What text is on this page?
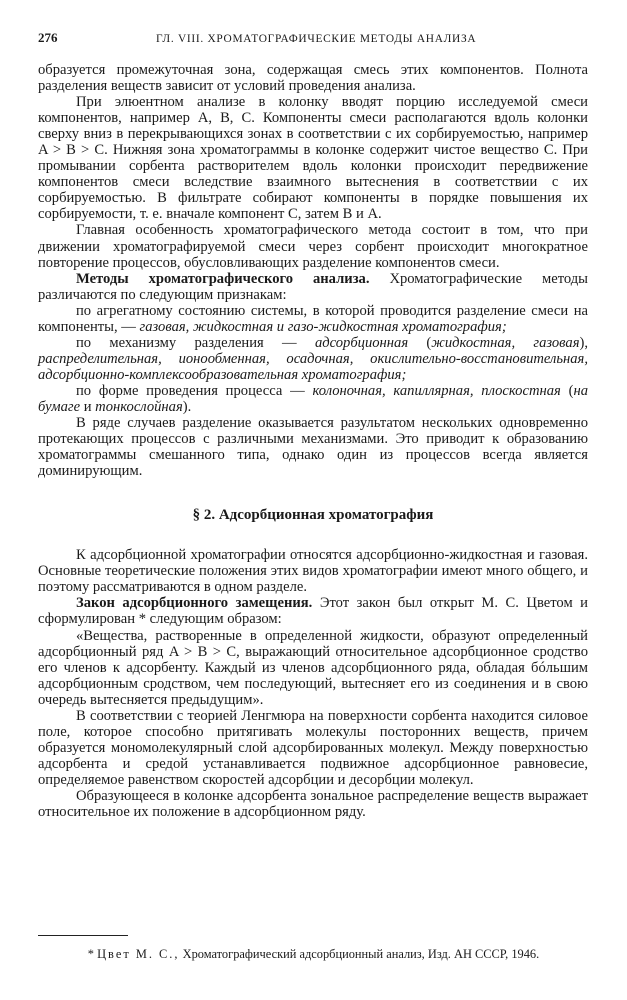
276	ГЛ. VIII. ХРОМАТОГРАФИЧЕСКИЕ МЕТОДЫ АНАЛИЗА

образуется промежуточная зона, содержащая смесь этих компонентов. Полнота разделения веществ зависит от условий проведения анализа.

При элюентном анализе в колонку вводят порцию исследуемой смеси компонентов, например А, В, С. Компоненты смеси располагаются вдоль колонки сверху вниз в перекрывающихся зонах в соответствии с их сорбируемостью, например A > B > C. Нижняя зона хроматограммы в колонке содержит чистое вещество С. При промывании сорбента растворителем вдоль колонки происходит передвижение компонентов смеси вследствие взаимного вытеснения в соответствии с их сорбируемостью. В фильтрате собирают компоненты в порядке повышения их сорбируемости, т. е. вначале компонент С, затем В и А.

Главная особенность хроматографического метода состоит в том, что при движении хроматографируемой смеси через сорбент происходит многократное повторение процессов, обусловливающих разделение компонентов смеси.

Методы хроматографического анализа. Хроматографические методы различаются по следующим признакам:

по агрегатному состоянию системы, в которой проводится разделение смеси на компоненты, — газовая, жидкостная и газо-жидкостная хроматография;

по механизму разделения — адсорбционная (жидкостная, газовая), распределительная, ионообменная, осадочная, окислительно-восстановительная, адсорбционно-комплексообразовательная хроматография;

по форме проведения процесса — колоночная, капиллярная, плоскостная (на бумаге и тонкослойная).

В ряде случаев разделение оказывается разультатом нескольких одновременно протекающих процессов с различными механизмами. Это приводит к образованию хроматограммы смешанного типа, однако один из процессов всегда является доминирующим.

§ 2. Адсорбционная хроматография

К адсорбционной хроматографии относятся адсорбционно-жидкостная и газовая. Основные теоретические положения этих видов хроматографии имеют много общего, и поэтому рассматриваются в одном разделе.

Закон адсорбционного замещения. Этот закон был открыт М. С. Цветом и сформулирован * следующим образом:

«Вещества, растворенные в определенной жидкости, образуют определенный адсорбционный ряд A > B > C, выражающий относительное адсорбционное сродство его членов к адсорбенту. Каждый из членов адсорбционного ряда, обладая бóльшим адсорбционным сродством, чем последующий, вытесняет его из соединения и в свою очередь вытесняется предыдущим».

В соответствии с теорией Ленгмюра на поверхности сорбента находится силовое поле, которое способно притягивать молекулы посторонних веществ, причем образуется мономолекулярный слой адсорбированных молекул. Между поверхностью адсорбента и средой устанавливается подвижное адсорбционное равновесие, определяемое равенством скоростей адсорбции и десорбции молекул.

Образующееся в колонке адсорбента зональное распределение веществ выражает относительное их положение в адсорбционном ряду.

* Цвет М. С., Хроматографический адсорбционный анализ, Изд. АН СССР, 1946.
